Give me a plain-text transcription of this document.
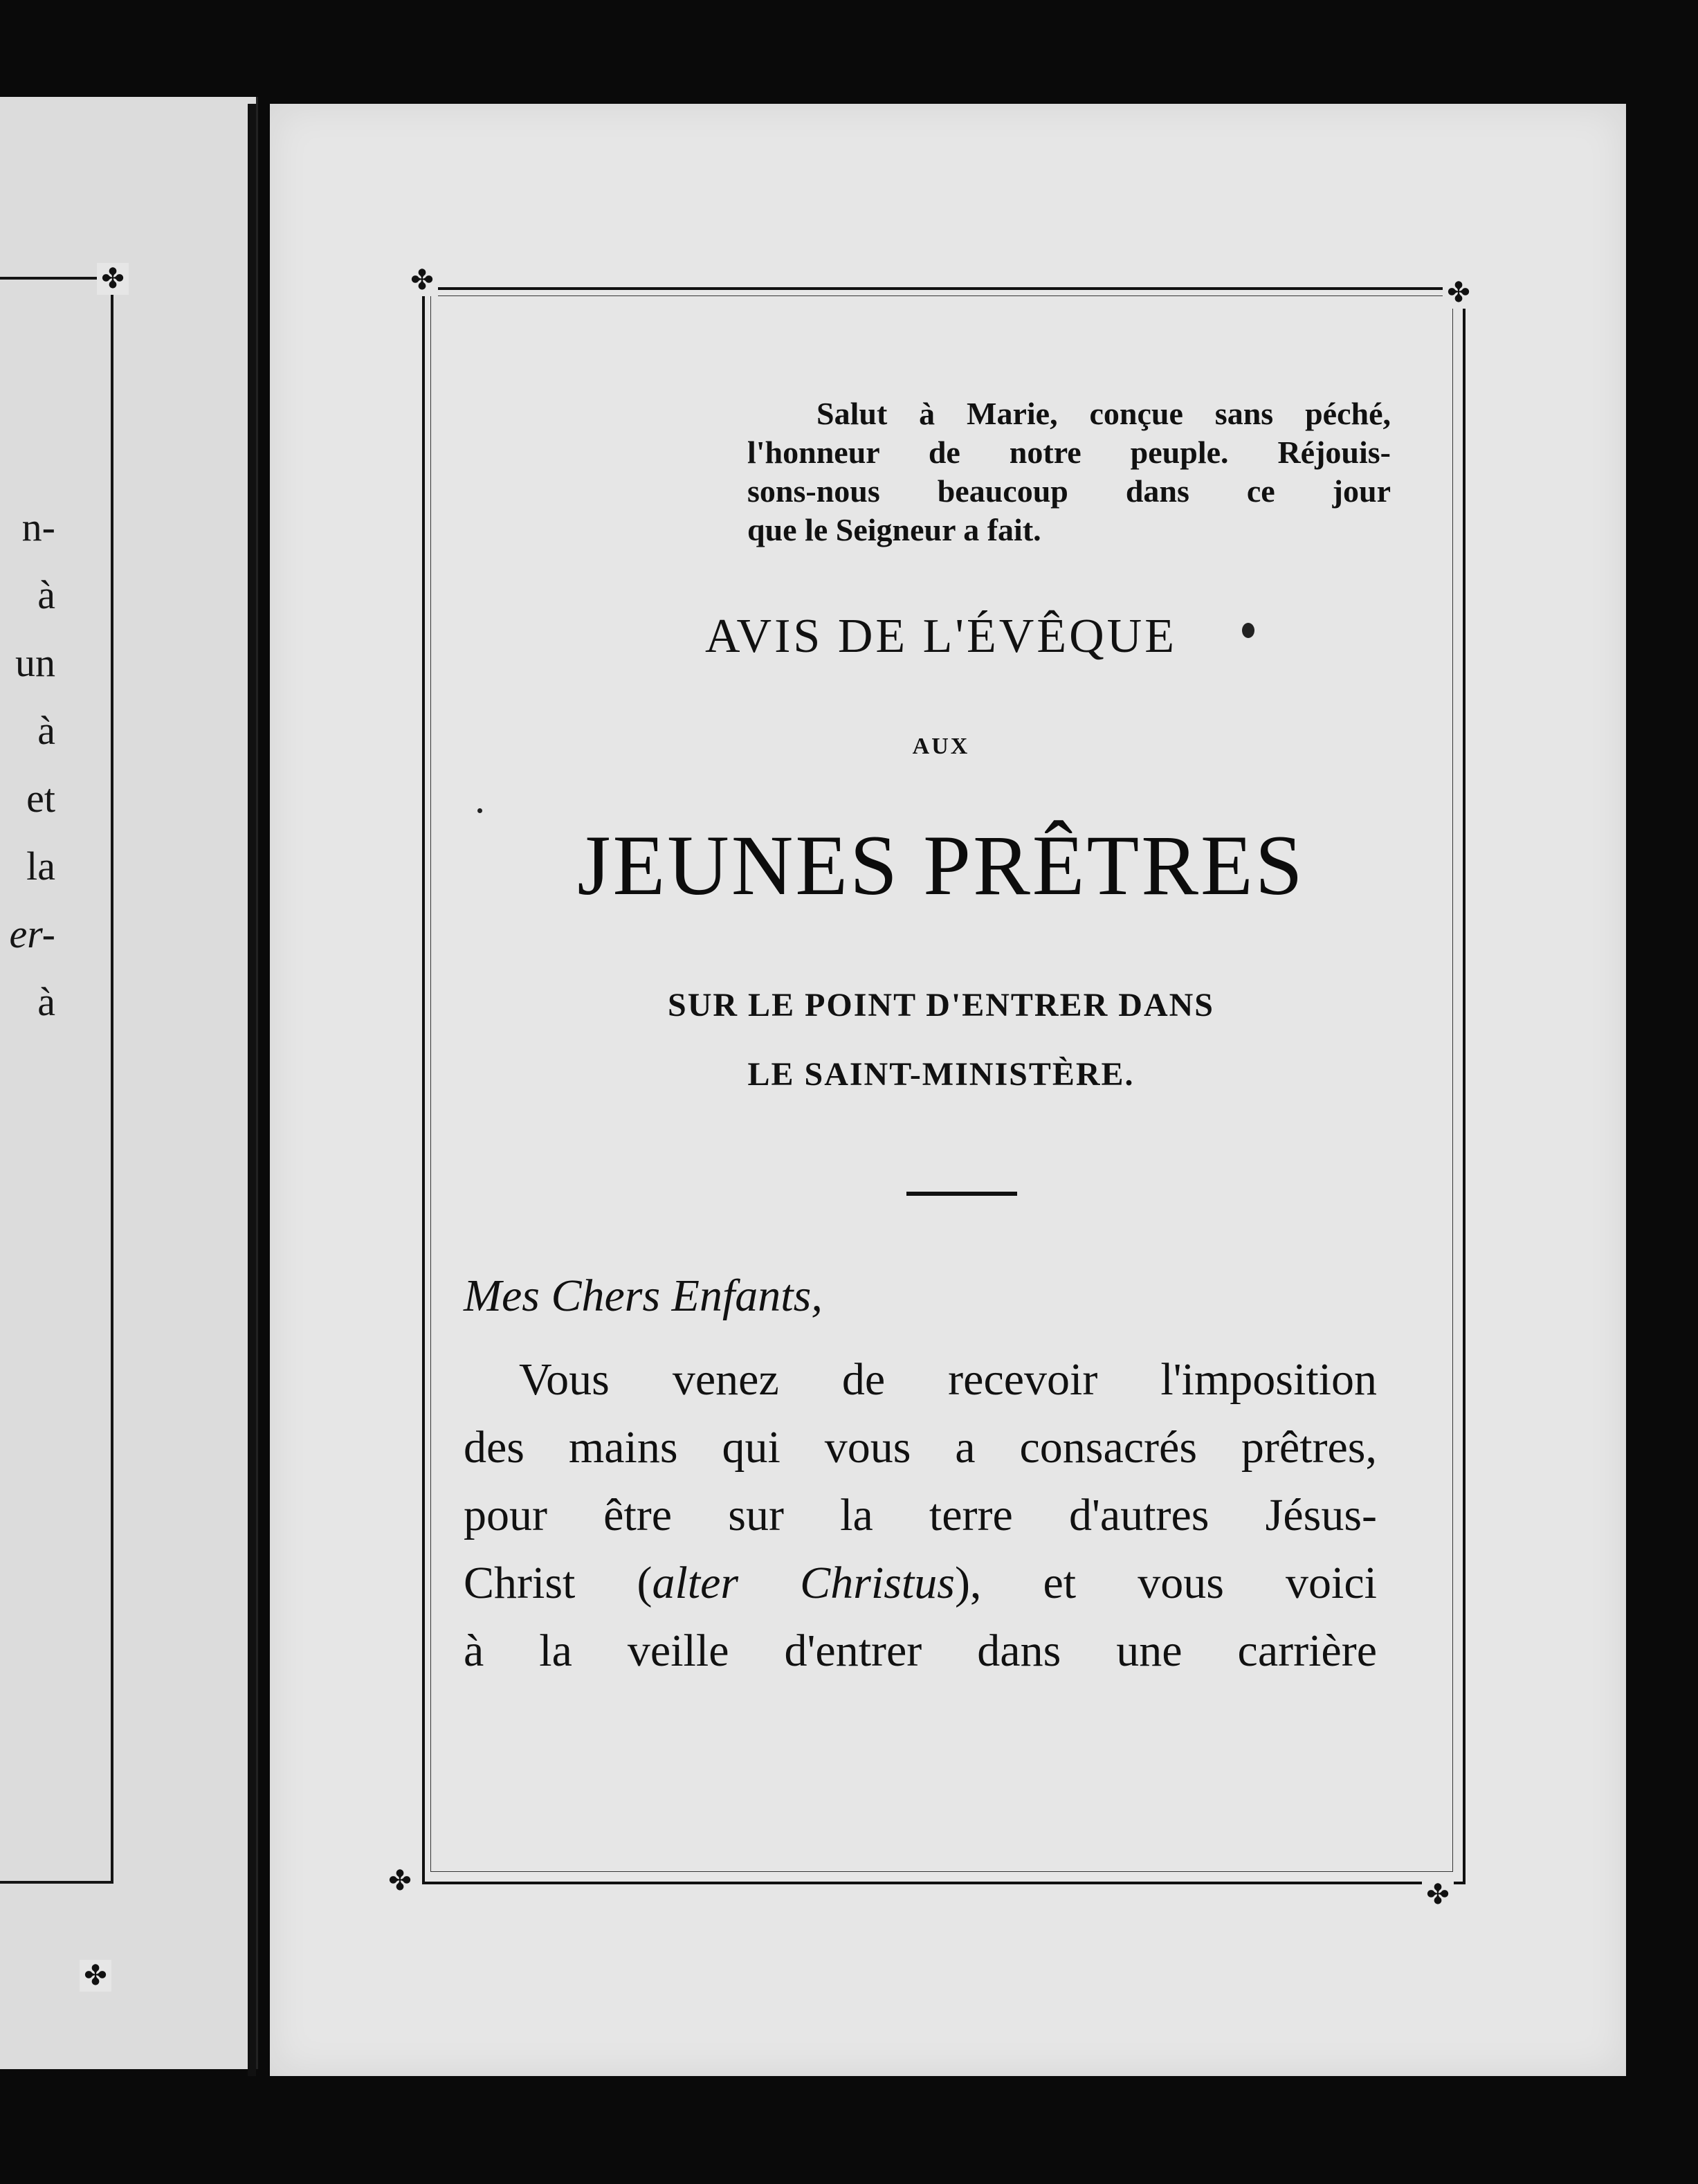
✤
✤
n-
à
un
à
et
la
er-
à
✤	✤
✤	✤

Salut à Marie, conçue sans péché,

l'honneur de notre peuple. Réjouis-

sons-nous beaucoup dans ce jour

que le Seigneur a fait.

AVIS DE L'ÉVÊQUE
AUX
JEUNES PRÊTRES
SUR LE POINT D'ENTRER DANS
LE SAINT-MINISTÈRE.
Mes Chers Enfants,

Vous venez de recevoir l'imposition

des mains qui vous a consacrés prêtres,

pour être sur la terre d'autres Jésus-

Christ (alter Christus), et vous voici

à la veille d'entrer dans une carrière
